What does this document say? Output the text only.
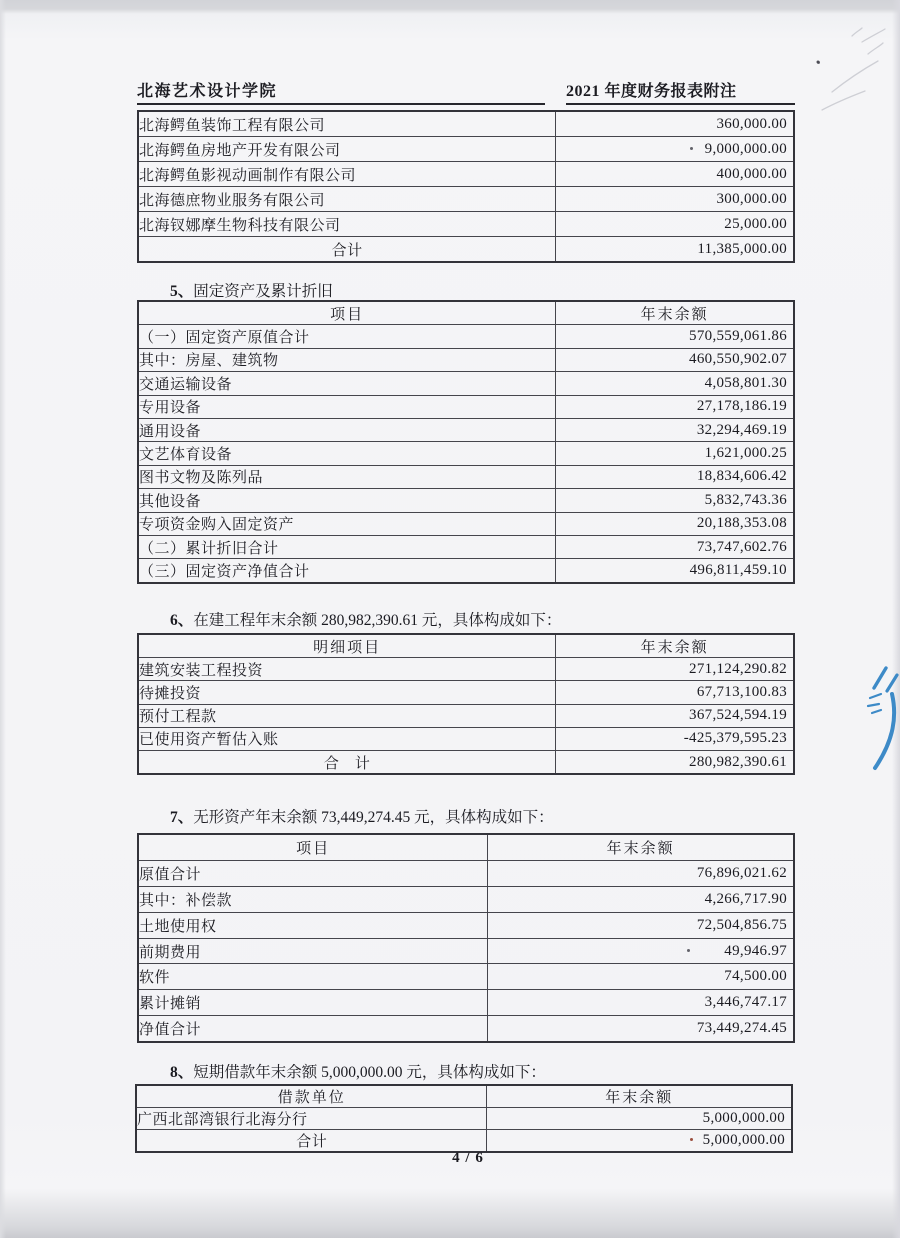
北海艺术设计学院	2021 年度财务报表附注
北海鳄鱼装饰工程有限公司	360,000.00
北海鳄鱼房地产开发有限公司	9,000,000.00
北海鳄鱼影视动画制作有限公司	400,000.00
北海德庶物业服务有限公司	300,000.00
北海钗娜摩生物科技有限公司	25,000.00
合计	11,385,000.00
5、固定资产及累计折旧
项目	年末余额
（一）固定资产原值合计	570,559,061.86
其中：房屋、建筑物	460,550,902.07
交通运输设备	4,058,801.30
专用设备	27,178,186.19
通用设备	32,294,469.19
文艺体育设备	1,621,000.25
图书文物及陈列品	18,834,606.42
其他设备	5,832,743.36
专项资金购入固定资产	20,188,353.08
（二）累计折旧合计	73,747,602.76
（三）固定资产净值合计	496,811,459.10
6、在建工程年末余额 280,982,390.61 元，具体构成如下：
明细项目	年末余额
建筑安装工程投资	271,124,290.82
待摊投资	67,713,100.83
预付工程款	367,524,594.19
已使用资产暂估入账	-425,379,595.23
合　计	280,982,390.61
7、无形资产年末余额 73,449,274.45 元，具体构成如下：
项目	年末余额
原值合计	76,896,021.62
其中：补偿款	4,266,717.90
土地使用权	72,504,856.75
前期费用	49,946.97
软件	74,500.00
累计摊销	3,446,747.17
净值合计	73,449,274.45
8、短期借款年末余额 5,000,000.00 元，具体构成如下：
借款单位	年末余额
广西北部湾银行北海分行	5,000,000.00
合计	5,000,000.00
4 / 6
